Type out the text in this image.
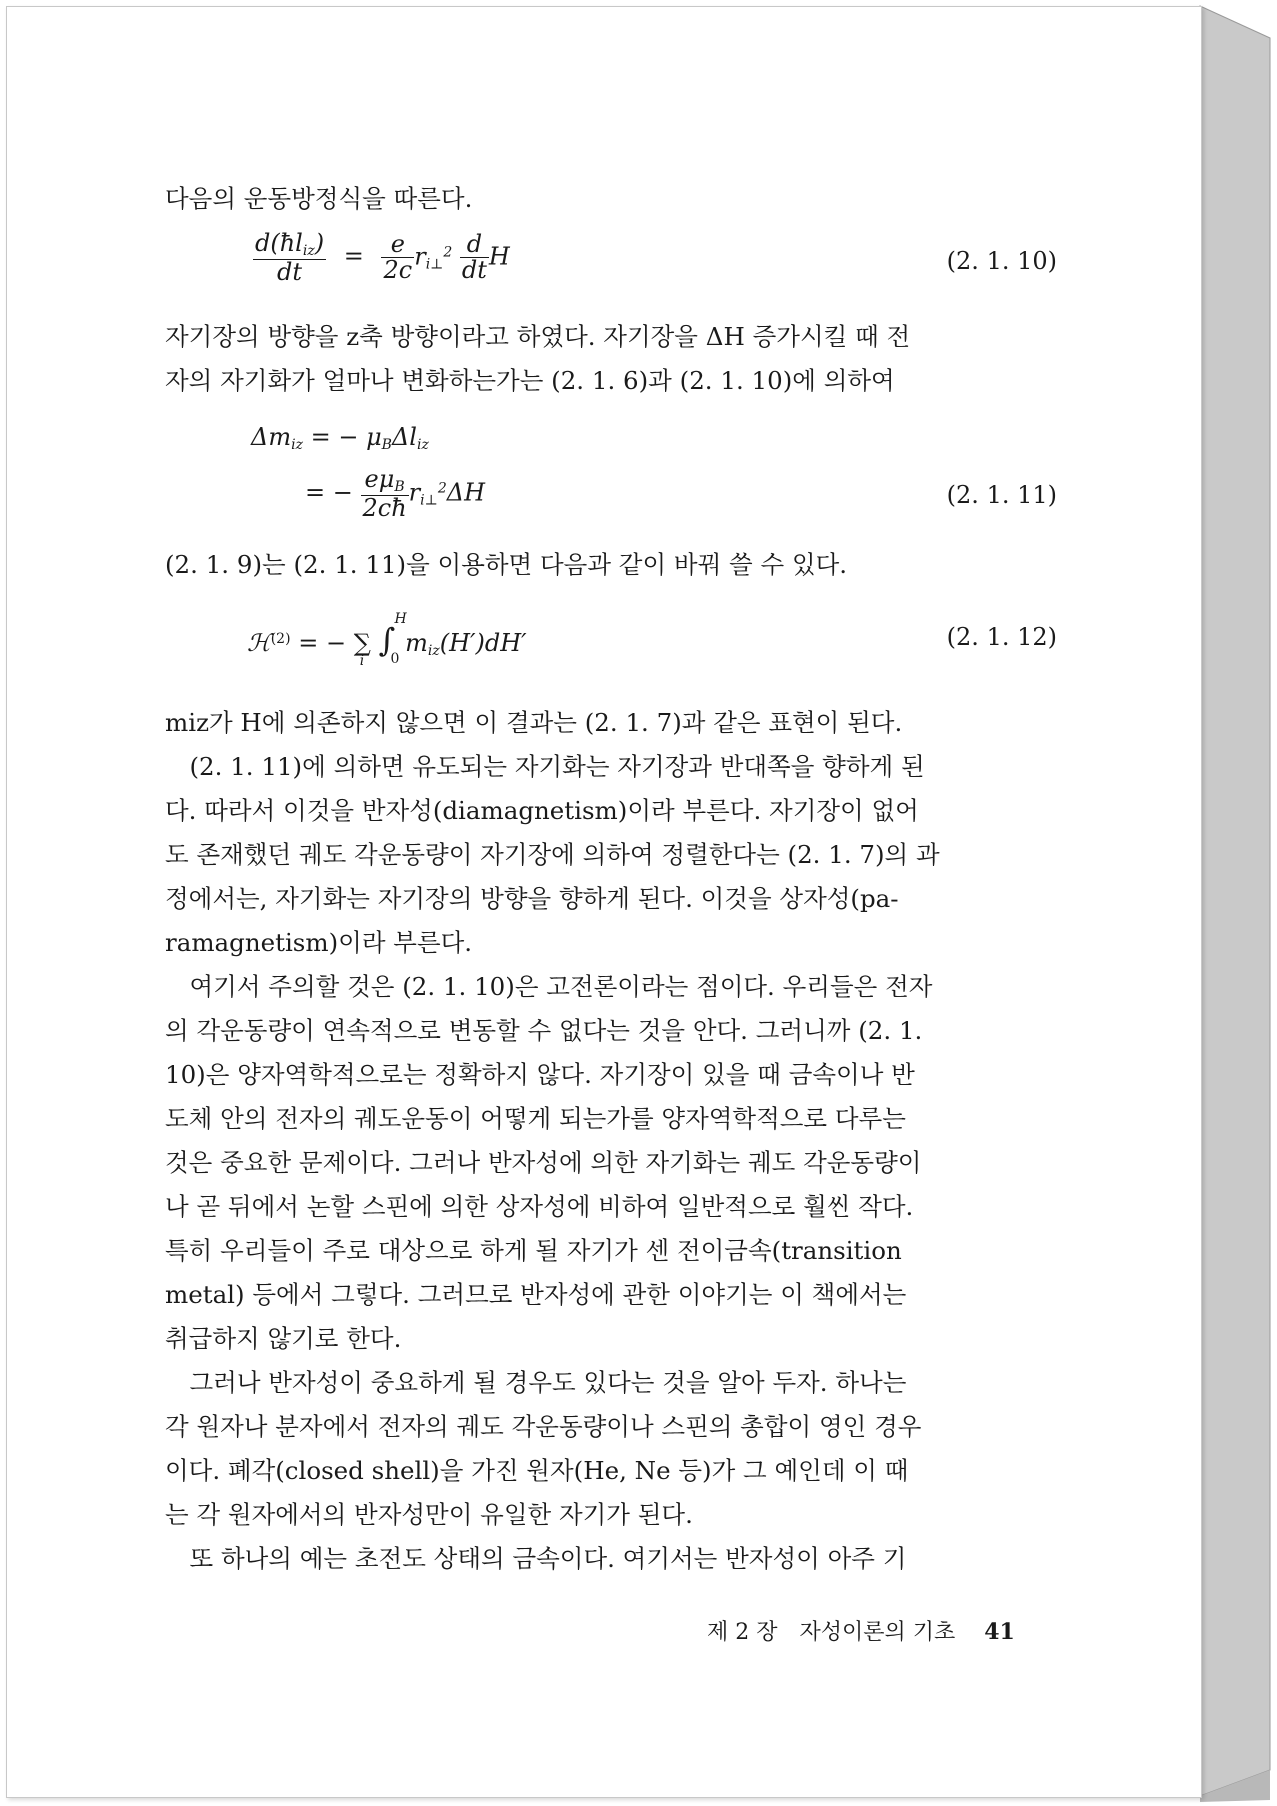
다음의 운동방정식을 따른다.

$\frac{d(ħl_{iz})}{dt} = \frac{e}{2c} r_{i\perp}^2 \frac{d}{dt}$ H	(2. 1. 10)

자기장의 방향을 z축 방향이라고 하였다. 자기장을 ΔH 증가시킬 때 전

자의 자기화가 얼마나 변화하는가는 (2. 1. 6)과 (2. 1. 10)에 의하여

$\Delta m_{iz}$ = − $\mu_B\Delta l_{iz}$
= − $\frac{e\mu_B}{2cħ} r_{i\perp}^2\Delta H$	(2. 1. 11)

(2. 1. 9)는 (2. 1. 11)을 이용하면 다음과 같이 바꿔 쓸 수 있다.

ℋ$^{(2)}$ = − ∑
i
∫
H
0
$m_{iz}(H')dH'$	(2. 1. 12)

miz가 H에 의존하지 않으면 이 결과는 (2. 1. 7)과 같은 표현이 된다.

　(2. 1. 11)에 의하면 유도되는 자기화는 자기장과 반대쪽을 향하게 된

다. 따라서 이것을 반자성(diamagnetism)이라 부른다. 자기장이 없어

도 존재했던 궤도 각운동량이 자기장에 의하여 정렬한다는 (2. 1. 7)의 과

정에서는, 자기화는 자기장의 방향을 향하게 된다. 이것을 상자성(pa-

ramagnetism)이라 부른다.

　여기서 주의할 것은 (2. 1. 10)은 고전론이라는 점이다. 우리들은 전자

의 각운동량이 연속적으로 변동할 수 없다는 것을 안다. 그러니까 (2. 1.

10)은 양자역학적으로는 정확하지 않다. 자기장이 있을 때 금속이나 반

도체 안의 전자의 궤도운동이 어떻게 되는가를 양자역학적으로 다루는

것은 중요한 문제이다. 그러나 반자성에 의한 자기화는 궤도 각운동량이

나 곧 뒤에서 논할 스핀에 의한 상자성에 비하여 일반적으로 훨씬 작다.

특히 우리들이 주로 대상으로 하게 될 자기가 센 전이금속(transition

metal) 등에서 그렇다. 그러므로 반자성에 관한 이야기는 이 책에서는

취급하지 않기로 한다.

　그러나 반자성이 중요하게 될 경우도 있다는 것을 알아 두자. 하나는

각 원자나 분자에서 전자의 궤도 각운동량이나 스핀의 총합이 영인 경우

이다. 폐각(closed shell)을 가진 원자(He, Ne 등)가 그 예인데 이 때

는 각 원자에서의 반자성만이 유일한 자기가 된다.

　또 하나의 예는 초전도 상태의 금속이다. 여기서는 반자성이 아주 기

제 2 장　자성이론의 기초 41
